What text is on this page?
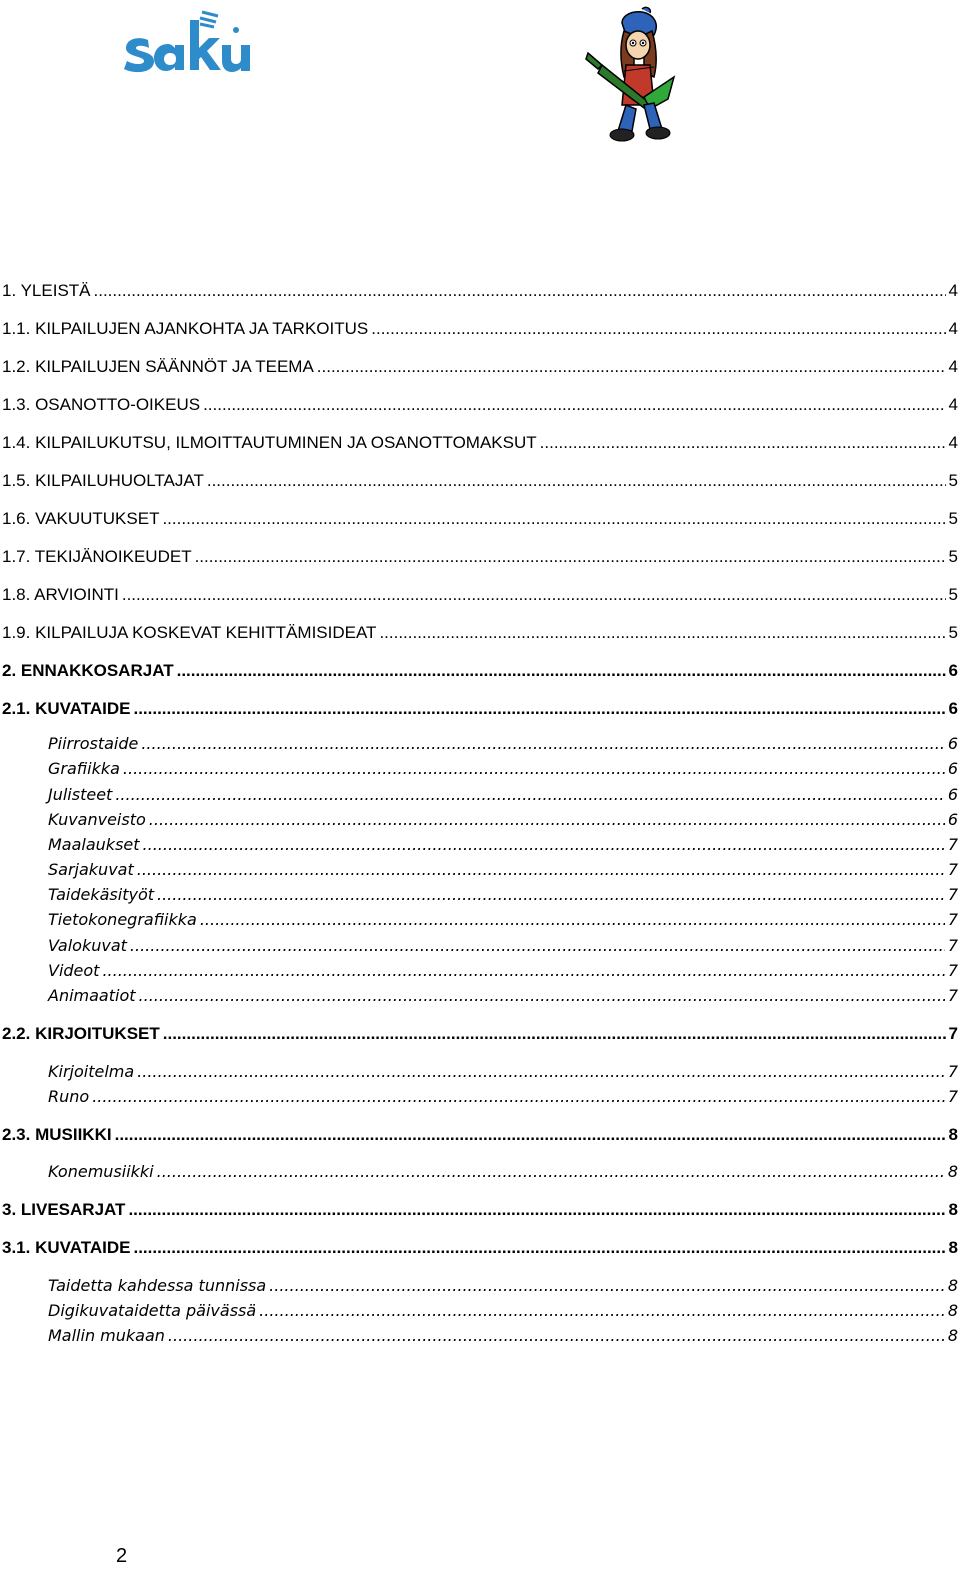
1. YLEISTÄ .....	4
1.1. KILPAILUJEN AJANKOHTA JA TARKOITUS .....	4
1.2. KILPAILUJEN SÄÄNNÖT JA TEEMA .....	4
1.3. OSANOTTO-OIKEUS .....	4
1.4. KILPAILUKUTSU, ILMOITTAUTUMINEN JA OSANOTTOMAKSUT .....	4
1.5. KILPAILUHUOLTAJAT .....	5
1.6. VAKUUTUKSET .....	5
1.7. TEKIJÄNOIKEUDET .....	5
1.8. ARVIOINTI .....	5
1.9. KILPAILUJA KOSKEVAT KEHITTÄMISIDEAT .....	5
2. ENNAKKOSARJAT .....	6
2.1. KUVATAIDE .....	6
Piirrostaide .....	6
Grafiikka .....	6
Julisteet .....	6
Kuvanveisto .....	6
Maalaukset .....	7
Sarjakuvat .....	7
Taidekäsityöt .....	7
Tietokonegrafiikka .....	7
Valokuvat .....	7
Videot .....	7
Animaatiot .....	7
2.2. KIRJOITUKSET .....	7
Kirjoitelma .....	7
Runo .....	7
2.3. MUSIIKKI .....	8
Konemusiikki .....	8
3. LIVESARJAT .....	8
3.1. KUVATAIDE .....	8
Taidetta kahdessa tunnissa .....	8
Digikuvataidetta päivässä .....	8
Mallin mukaan .....	8
2
